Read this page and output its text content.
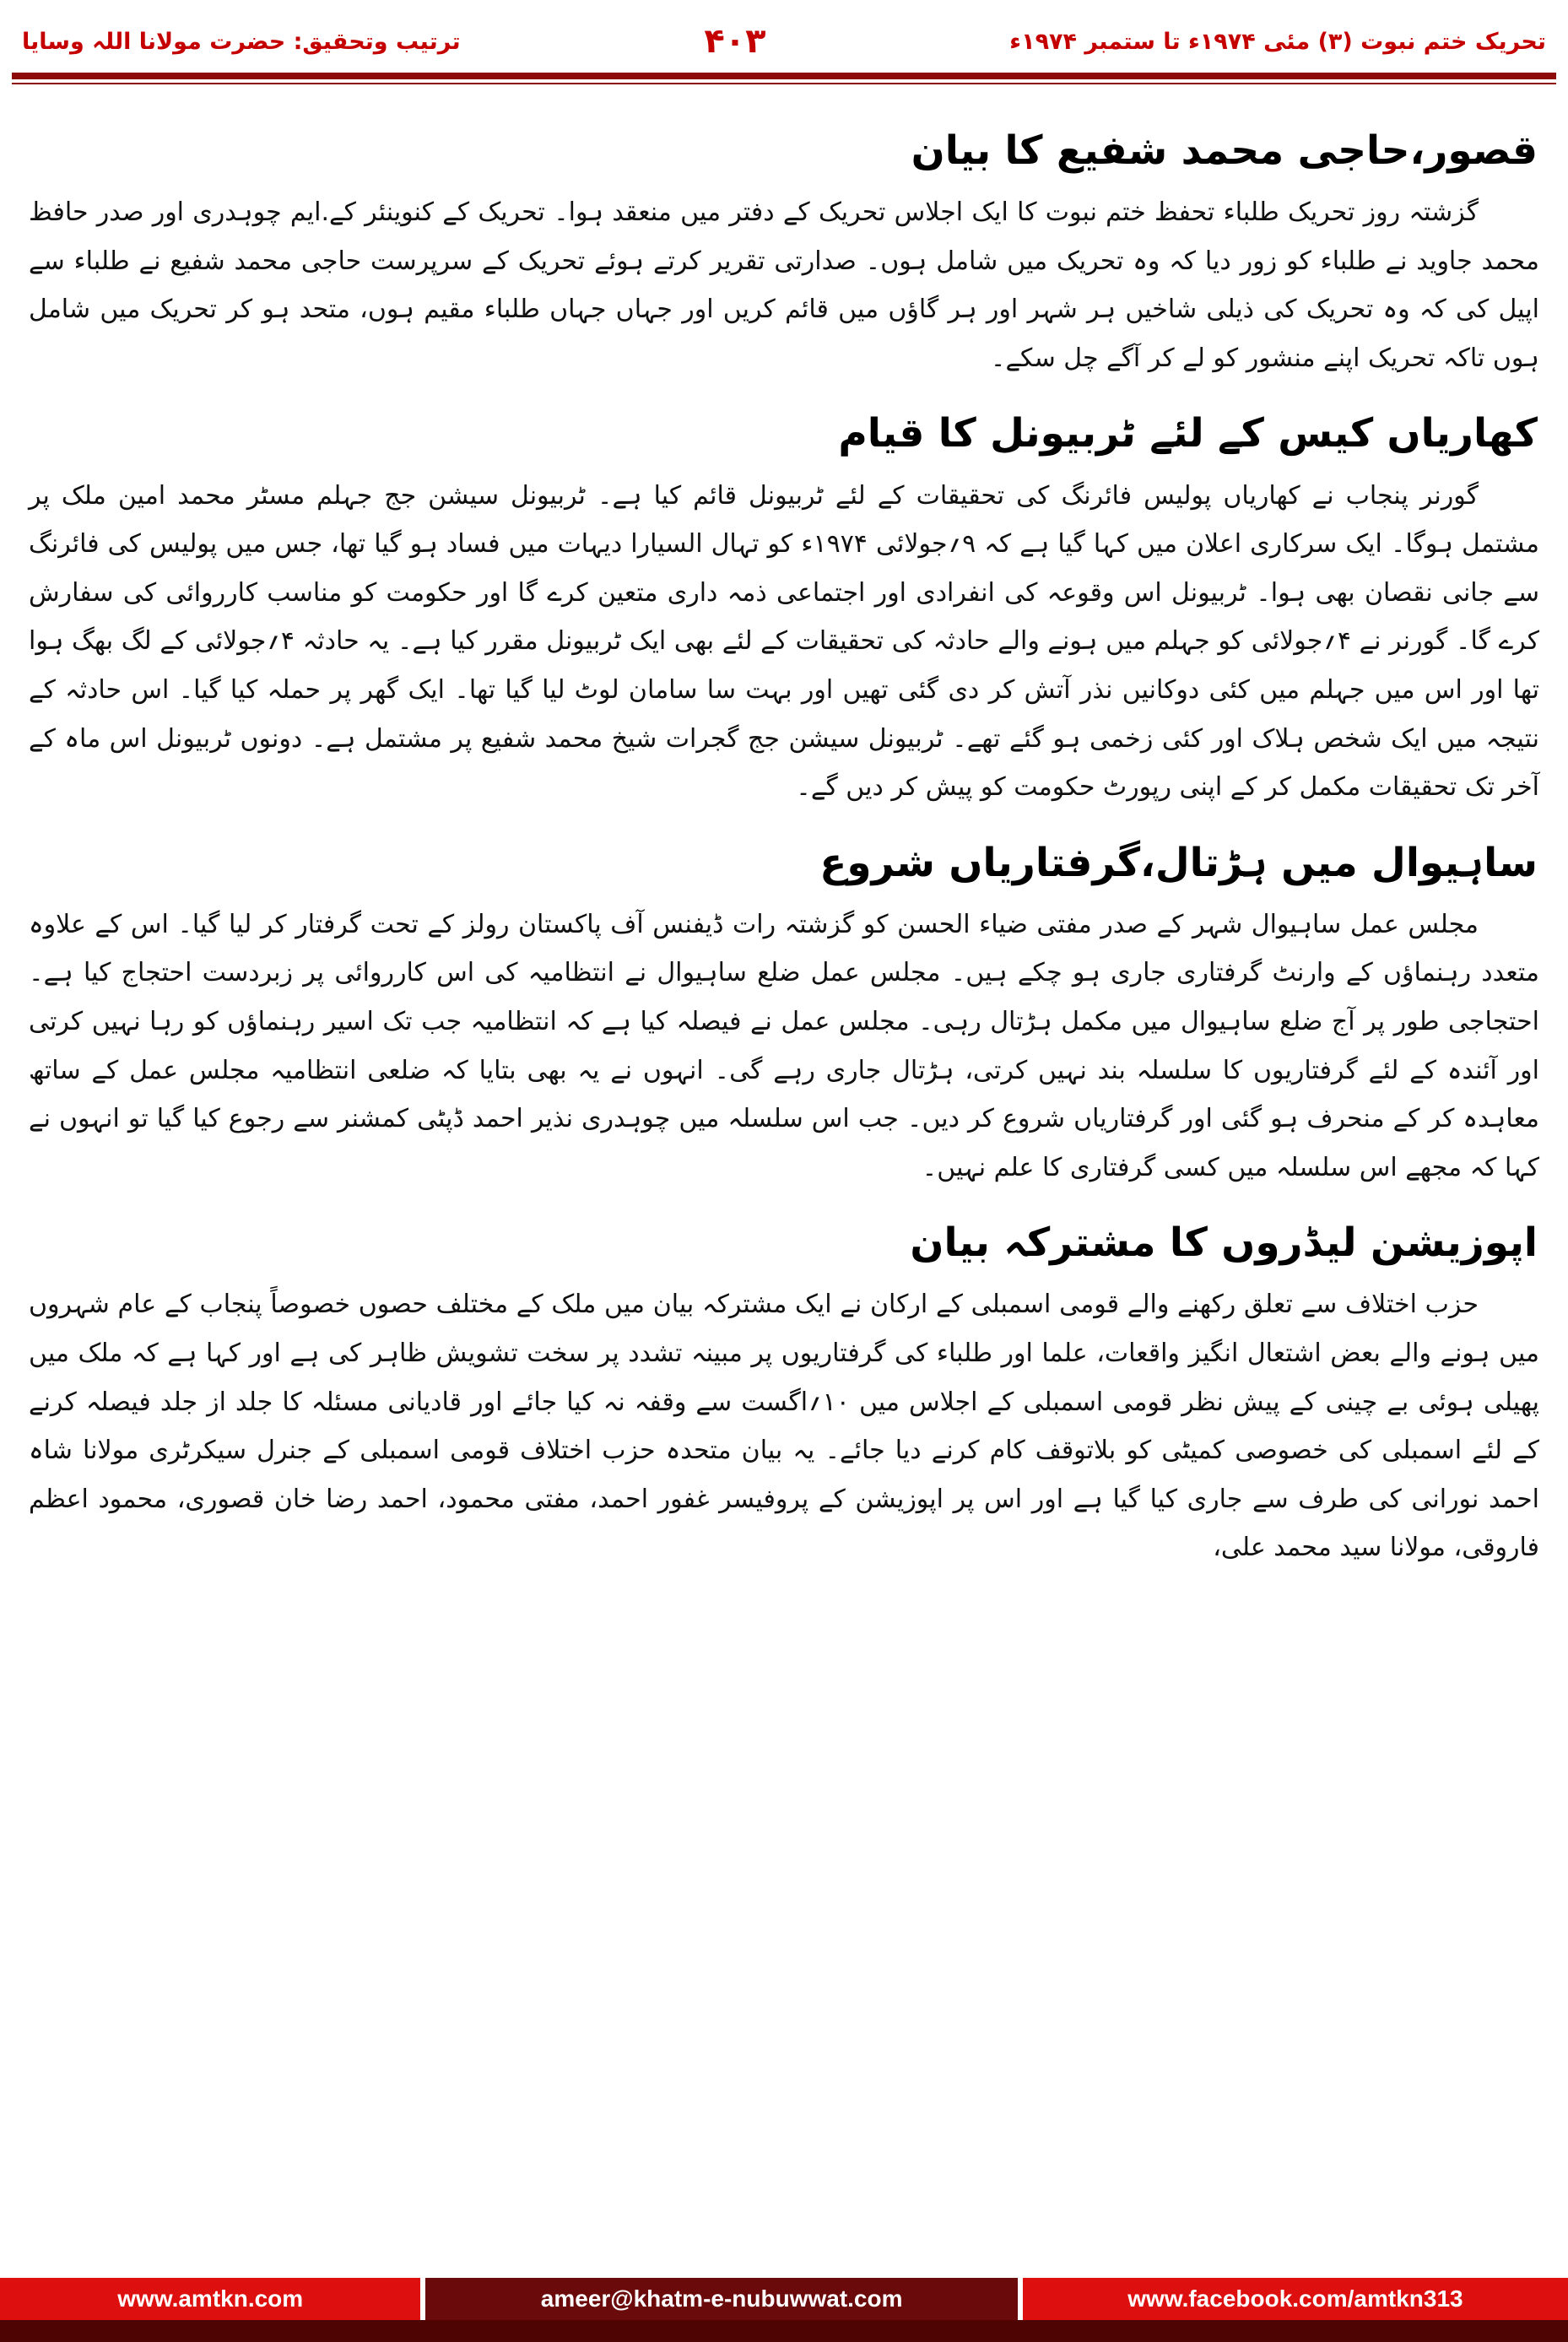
تحریک ختم نبوت (۳) مئی ۱۹۷۴ء تا ستمبر ۱۹۷۴ء
۴۰۳
ترتیب وتحقیق: حضرت مولانا اللہ وسایا
قصور،حاجی محمد شفیع کا بیان

گزشتہ روز تحریک طلباء تحفظ ختم نبوت کا ایک اجلاس تحریک کے دفتر میں منعقد ہوا۔ تحریک کے کنوینئر کے.ایم چوہدری اور صدر حافظ محمد جاوید نے طلباء کو زور دیا کہ وہ تحریک میں شامل ہوں۔ صدارتی تقریر کرتے ہوئے تحریک کے سرپرست حاجی محمد شفیع نے طلباء سے اپیل کی کہ وہ تحریک کی ذیلی شاخیں ہر شہر اور ہر گاؤں میں قائم کریں اور جہاں جہاں طلباء مقیم ہوں، متحد ہو کر تحریک میں شامل ہوں تاکہ تحریک اپنے منشور کو لے کر آگے چل سکے۔

کھاریاں کیس کے لئے ٹربیونل کا قیام

گورنر پنجاب نے کھاریاں پولیس فائرنگ کی تحقیقات کے لئے ٹربیونل قائم کیا ہے۔ ٹربیونل سیشن جج جہلم مسٹر محمد امین ملک پر مشتمل ہوگا۔ ایک سرکاری اعلان میں کہا گیا ہے کہ ۹؍جولائی ۱۹۷۴ء کو تہال السیارا دیہات میں فساد ہو گیا تھا، جس میں پولیس کی فائرنگ سے جانی نقصان بھی ہوا۔ ٹربیونل اس وقوعہ کی انفرادی اور اجتماعی ذمہ داری متعین کرے گا اور حکومت کو مناسب کارروائی کی سفارش کرے گا۔ گورنر نے ۴؍جولائی کو جہلم میں ہونے والے حادثہ کی تحقیقات کے لئے بھی ایک ٹربیونل مقرر کیا ہے۔ یہ حادثہ ۴؍جولائی کے لگ بھگ ہوا تھا اور اس میں جہلم میں کئی دوکانیں نذر آتش کر دی گئی تھیں اور بہت سا سامان لوٹ لیا گیا تھا۔ ایک گھر پر حملہ کیا گیا۔ اس حادثہ کے نتیجہ میں ایک شخص ہلاک اور کئی زخمی ہو گئے تھے۔ ٹربیونل سیشن جج گجرات شیخ محمد شفیع پر مشتمل ہے۔ دونوں ٹربیونل اس ماہ کے آخر تک تحقیقات مکمل کر کے اپنی رپورٹ حکومت کو پیش کر دیں گے۔

ساہیوال میں ہڑتال،گرفتاریاں شروع

مجلس عمل ساہیوال شہر کے صدر مفتی ضیاء الحسن کو گزشتہ رات ڈیفنس آف پاکستان رولز کے تحت گرفتار کر لیا گیا۔ اس کے علاوہ متعدد رہنماؤں کے وارنٹ گرفتاری جاری ہو چکے ہیں۔ مجلس عمل ضلع ساہیوال نے انتظامیہ کی اس کارروائی پر زبردست احتجاج کیا ہے۔ احتجاجی طور پر آج ضلع ساہیوال میں مکمل ہڑتال رہی۔ مجلس عمل نے فیصلہ کیا ہے کہ انتظامیہ جب تک اسیر رہنماؤں کو رہا نہیں کرتی اور آئندہ کے لئے گرفتاریوں کا سلسلہ بند نہیں کرتی، ہڑتال جاری رہے گی۔ انہوں نے یہ بھی بتایا کہ ضلعی انتظامیہ مجلس عمل کے ساتھ معاہدہ کر کے منحرف ہو گئی اور گرفتاریاں شروع کر دیں۔ جب اس سلسلہ میں چوہدری نذیر احمد ڈپٹی کمشنر سے رجوع کیا گیا تو انہوں نے کہا کہ مجھے اس سلسلہ میں کسی گرفتاری کا علم نہیں۔

اپوزیشن لیڈروں کا مشترکہ بیان

حزب اختلاف سے تعلق رکھنے والے قومی اسمبلی کے ارکان نے ایک مشترکہ بیان میں ملک کے مختلف حصوں خصوصاً پنجاب کے عام شہروں میں ہونے والے بعض اشتعال انگیز واقعات، علما اور طلباء کی گرفتاریوں پر مبینہ تشدد پر سخت تشویش ظاہر کی ہے اور کہا ہے کہ ملک میں پھیلی ہوئی بے چینی کے پیش نظر قومی اسمبلی کے اجلاس میں ۱۰؍اگست سے وقفہ نہ کیا جائے اور قادیانی مسئلہ کا جلد از جلد فیصلہ کرنے کے لئے اسمبلی کی خصوصی کمیٹی کو بلاتوقف کام کرنے دیا جائے۔ یہ بیان متحدہ حزب اختلاف قومی اسمبلی کے جنرل سیکرٹری مولانا شاہ احمد نورانی کی طرف سے جاری کیا گیا ہے اور اس پر اپوزیشن کے پروفیسر غفور احمد، مفتی محمود، احمد رضا خان قصوری، محمود اعظم فاروقی، مولانا سید محمد علی،

www.amtkn.com	ameer@khatm-e-nubuwwat.com	www.facebook.com/amtkn313
